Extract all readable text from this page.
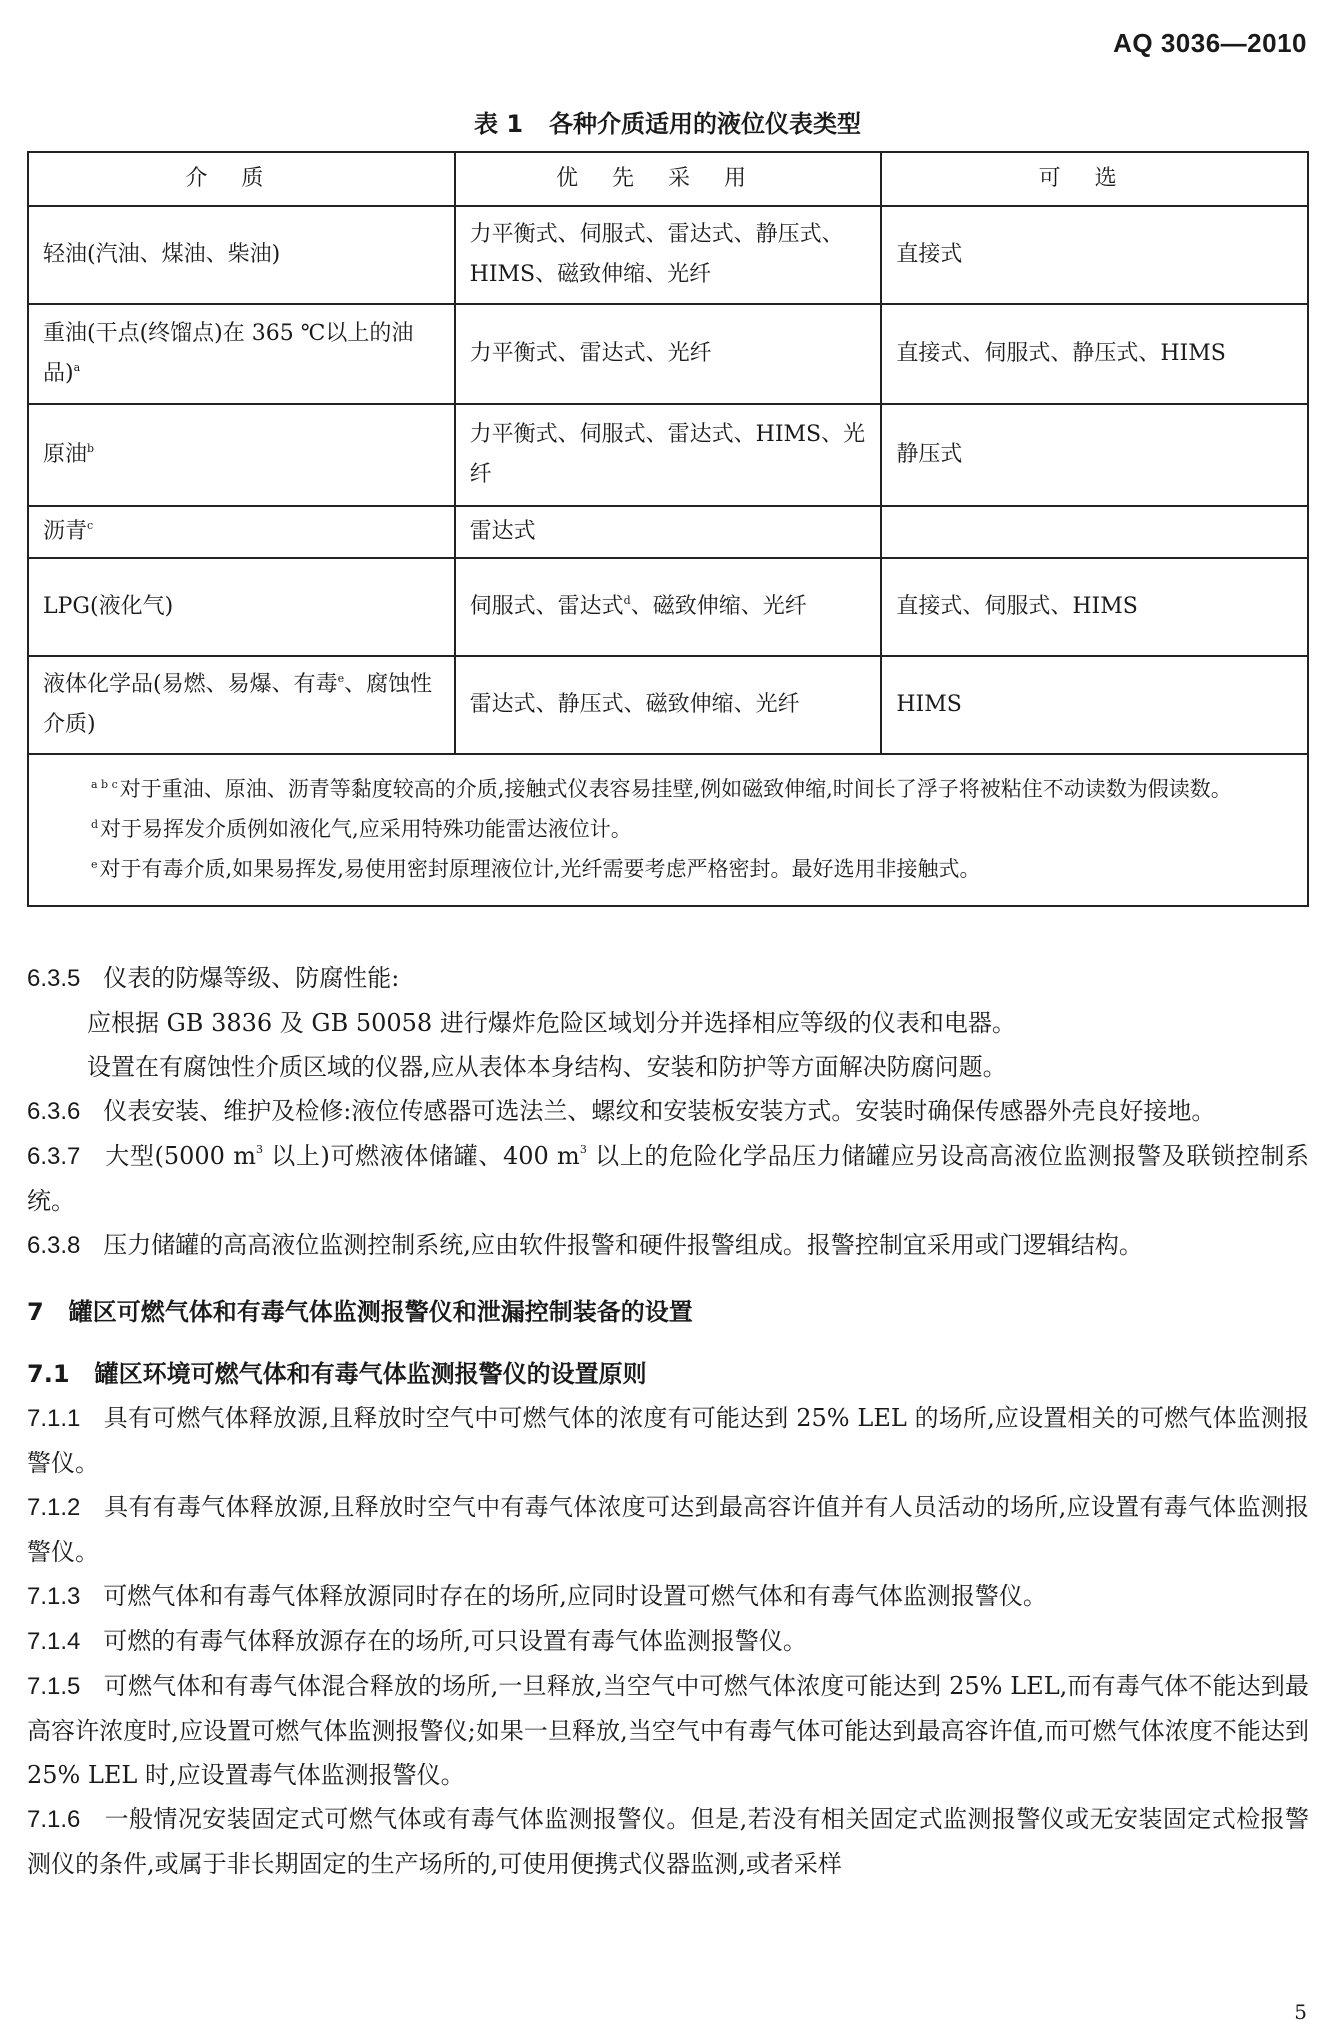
AQ 3036—2010
表 1 各种介质适用的液位仪表类型
介质	优先采用	可选
轻油(汽油、煤油、柴油)	力平衡式、伺服式、雷达式、静压式、HIMS、磁致伸缩、光纤	直接式
重油(干点(终馏点)在 365 ℃以上的油品)$^a$	力平衡式、雷达式、光纤	直接式、伺服式、静压式、HIMS
原油$^b$	力平衡式、伺服式、雷达式、HIMS、光纤	静压式
沥青$^c$	雷达式	
LPG(液化气)	伺服式、雷达式$^d$、磁致伸缩、光纤	直接式、伺服式、HIMS
液体化学品(易燃、易爆、有毒$^e$、腐蚀性介质)	雷达式、静压式、磁致伸缩、光纤	HIMS

$^{a b c}$对于重油、原油、沥青等黏度较高的介质,接触式仪表容易挂壁,例如磁致伸缩,时间长了浮子将被粘住不动读数为假读数。
$^d$对于易挥发介质例如液化气,应采用特殊功能雷达液位计。
$^e$对于有毒介质,如果易挥发,易使用密封原理液位计,光纤需要考虑严格密封。最好选用非接触式。		
6.3.5 仪表的防爆等级、防腐性能:
应根据 GB 3836 及 GB 50058 进行爆炸危险区域划分并选择相应等级的仪表和电器。
设置在有腐蚀性介质区域的仪器,应从表体本身结构、安装和防护等方面解决防腐问题。
6.3.6 仪表安装、维护及检修:液位传感器可选法兰、螺纹和安装板安装方式。安装时确保传感器外壳良好接地。
6.3.7 大型(5000 $m^3$ 以上)可燃液体储罐、400 $m^3$ 以上的危险化学品压力储罐应另设高高液位监测报警及联锁控制系统。
6.3.8 压力储罐的高高液位监测控制系统,应由软件报警和硬件报警组成。报警控制宜采用或门逻辑结构。
7 罐区可燃气体和有毒气体监测报警仪和泄漏控制装备的设置
7.1 罐区环境可燃气体和有毒气体监测报警仪的设置原则
7.1.1 具有可燃气体释放源,且释放时空气中可燃气体的浓度有可能达到 25% LEL 的场所,应设置相关的可燃气体监测报警仪。
7.1.2 具有有毒气体释放源,且释放时空气中有毒气体浓度可达到最高容许值并有人员活动的场所,应设置有毒气体监测报警仪。
7.1.3 可燃气体和有毒气体释放源同时存在的场所,应同时设置可燃气体和有毒气体监测报警仪。
7.1.4 可燃的有毒气体释放源存在的场所,可只设置有毒气体监测报警仪。
7.1.5 可燃气体和有毒气体混合释放的场所,一旦释放,当空气中可燃气体浓度可能达到 25% LEL,而有毒气体不能达到最高容许浓度时,应设置可燃气体监测报警仪;如果一旦释放,当空气中有毒气体可能达到最高容许值,而可燃气体浓度不能达到 25% LEL 时,应设置毒气体监测报警仪。
7.1.6 一般情况安装固定式可燃气体或有毒气体监测报警仪。但是,若没有相关固定式监测报警仪或无安装固定式检报警测仪的条件,或属于非长期固定的生产场所的,可使用便携式仪器监测,或者采样
5
